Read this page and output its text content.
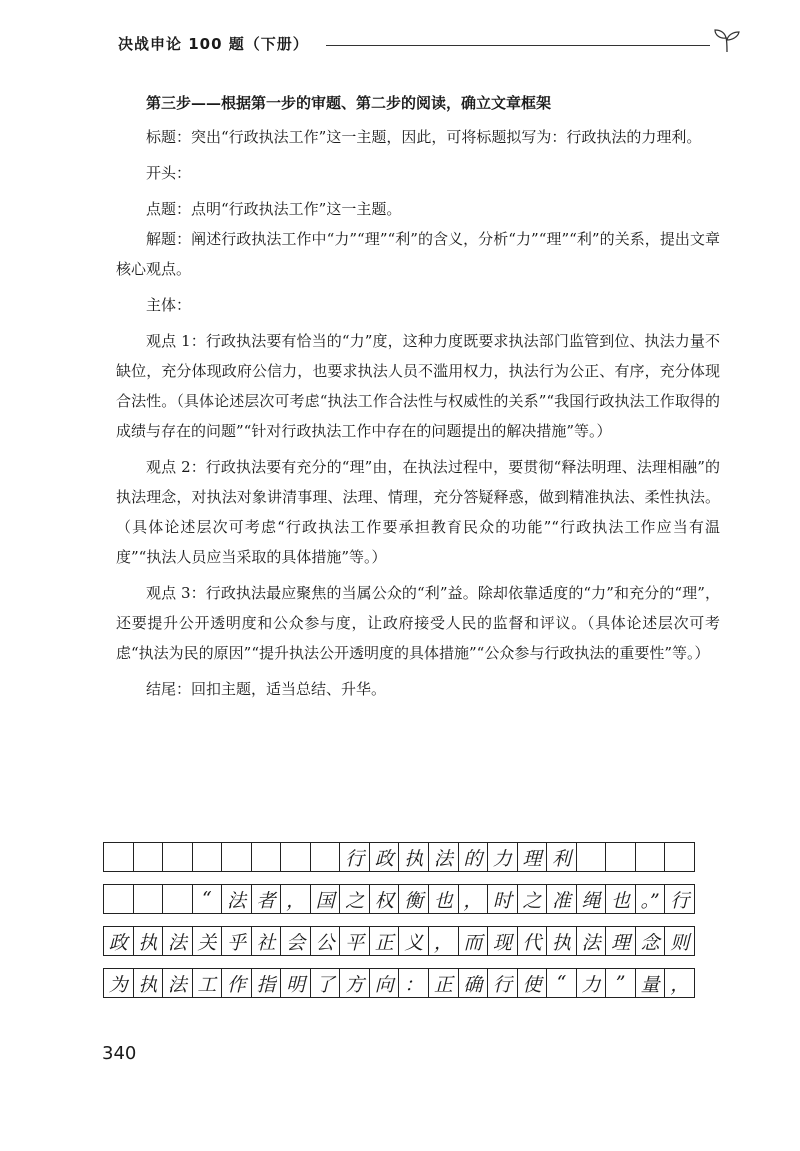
决战申论 100 题（下册）

第三步——根据第一步的审题、第二步的阅读，确立文章框架

标题：突出“行政执法工作”这一主题，因此，可将标题拟写为：行政执法的力理利。

开头：

点题：点明“行政执法工作”这一主题。

解题：阐述行政执法工作中“力”“理”“利”的含义，分析“力”“理”“利”的关系，提出文章核心观点。

主体：

观点 1：行政执法要有恰当的“力”度，这种力度既要求执法部门监管到位、执法力量不缺位，充分体现政府公信力，也要求执法人员不滥用权力，执法行为公正、有序，充分体现合法性。（具体论述层次可考虑“执法工作合法性与权威性的关系”“我国行政执法工作取得的成绩与存在的问题”“针对行政执法工作中存在的问题提出的解决措施”等。）

观点 2：行政执法要有充分的“理”由，在执法过程中，要贯彻“释法明理、法理相融”的执法理念，对执法对象讲清事理、法理、情理，充分答疑释惑，做到精准执法、柔性执法。（具体论述层次可考虑“行政执法工作要承担教育民众的功能”“行政执法工作应当有温度”“执法人员应当采取的具体措施”等。）

观点 3：行政执法最应聚焦的当属公众的“利”益。除却依靠适度的“力”和充分的“理”，还要提升公开透明度和公众参与度，让政府接受人民的监督和评议。（具体论述层次可考虑“执法为民的原因”“提升执法公开透明度的具体措施”“公众参与行政执法的重要性”等。）

结尾：回扣主题，适当总结、升华。

行 政 执 法 的 力 理 利
“ 法 者 ， 国 之 权 衡 也 ， 时 之 准 绳 也 。” 行
政 执 法 关 乎 社 会 公 平 正 义 ， 而 现 代 执 法 理 念 则
为 执 法 工 作 指 明 了 方 向 ： 正 确 行 使 “ 力 ” 量 ，
340
